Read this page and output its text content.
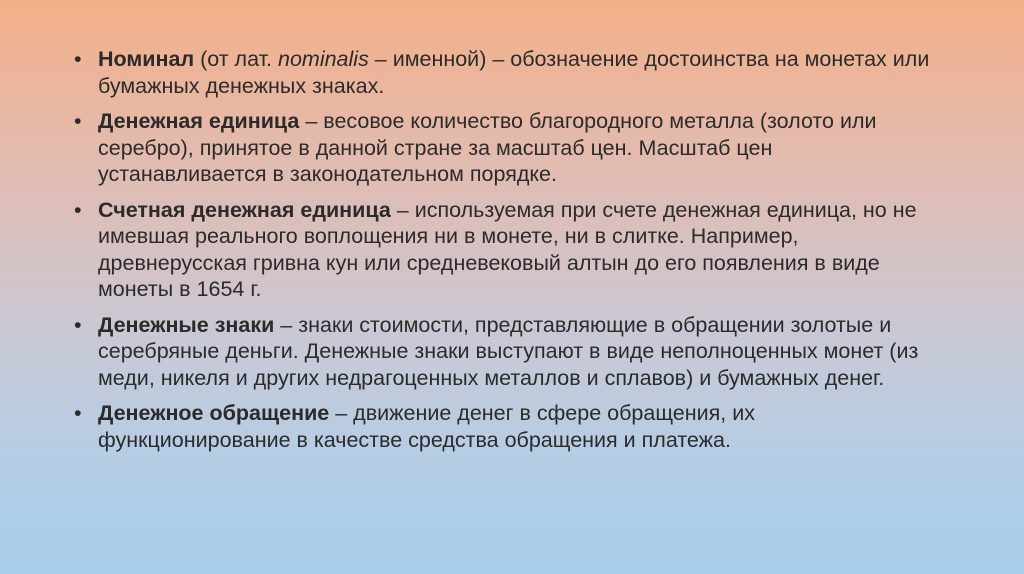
• Номинал (от лат. nominalis – именной) – обозначение достоинства на монетах или бумажных денежных знаках.
• Денежная единица – весовое количество благородного металла (золото или серебро), принятое в данной стране за масштаб цен. Масштаб цен устанавливается в законодательном порядке.
• Счетная денежная единица – используемая при счете денежная единица, но не имевшая реального воплощения ни в монете, ни в слитке. Например, древнерусская гривна кун или средневековый алтын до его появления в виде монеты в 1654 г.
• Денежные знаки – знаки стоимости, представляющие в обращении золотые и серебряные деньги. Денежные знаки выступают в виде неполноценных монет (из меди, никеля и других недрагоценных металлов и сплавов) и бумажных денег.
• Денежное обращение – движение денег в сфере обращения, их функционирование в качестве средства обращения и платежа.
